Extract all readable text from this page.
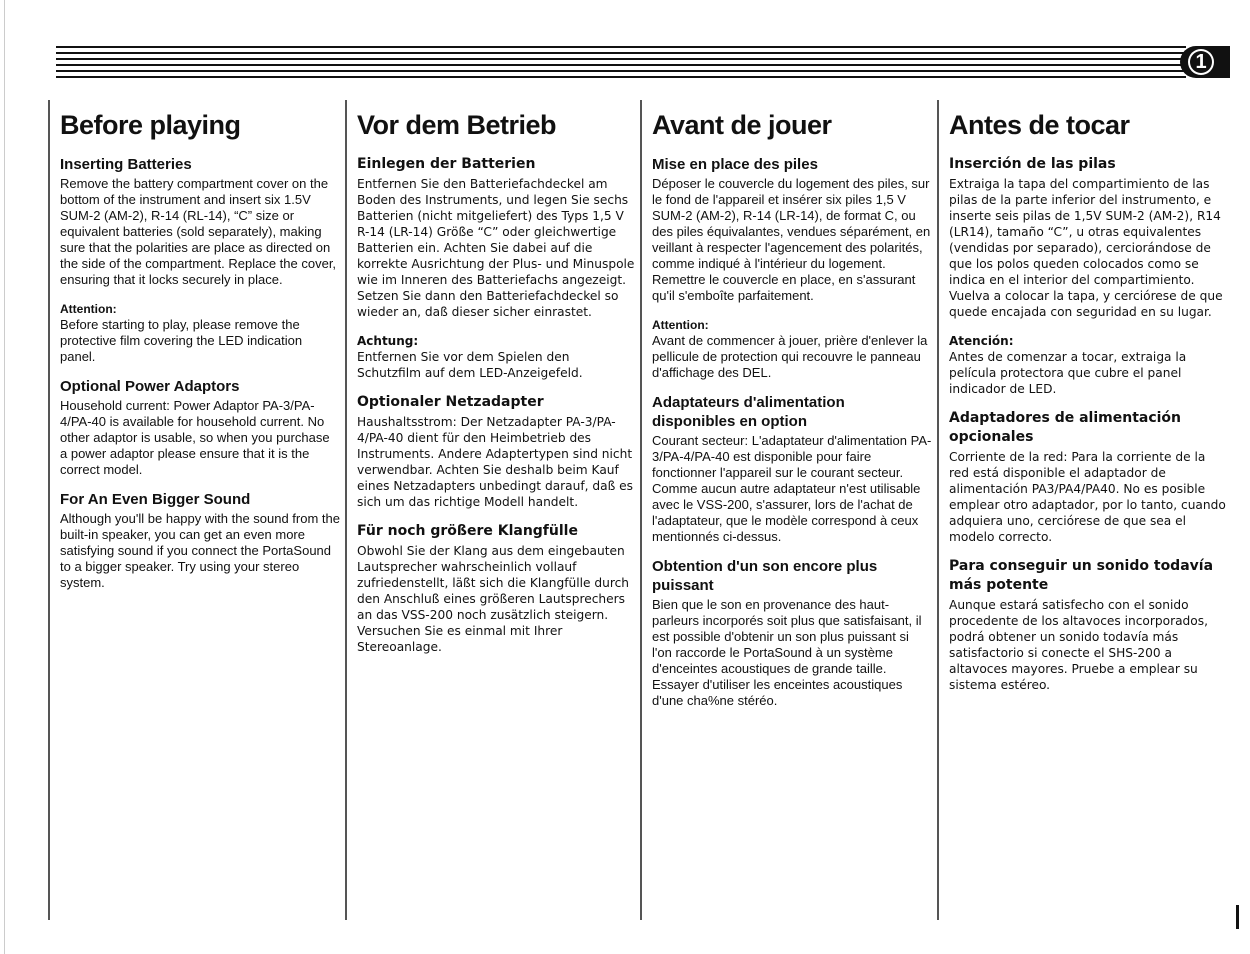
1
Before playing
Inserting Batteries

Remove the battery compartment cover on the bottom of the instrument and insert six 1.5V SUM-2 (AM-2), R-14 (RL-14), “C” size or equivalent batteries (sold separately), making sure that the polarities are place as directed on the side of the compartment. Replace the cover, ensuring that it locks securely in place.

Attention:

Before starting to play, please remove the protective film covering the LED indication panel.

Optional Power Adaptors

Household current: Power Adaptor PA-3/PA-4/PA-40 is available for household current. No other adaptor is usable, so when you purchase a power adaptor please ensure that it is the correct model.

For An Even Bigger Sound

Although you'll be happy with the sound from the built-in speaker, you can get an even more satisfying sound if you connect the PortaSound to a bigger speaker. Try using your stereo system.

Vor dem Betrieb
Einlegen der Batterien

Entfernen Sie den Batteriefachdeckel am Boden des Instruments, und legen Sie sechs Batterien (nicht mitgeliefert) des Typs 1,5 V R-14 (LR-14) Größe “C” oder gleichwertige Batterien ein. Achten Sie dabei auf die korrekte Ausrichtung der Plus- und Minuspole wie im Inneren des Batteriefachs angezeigt. Setzen Sie dann den Batteriefachdeckel so wieder an, daß dieser sicher einrastet.

Achtung:

Entfernen Sie vor dem Spielen den Schutzfilm auf dem LED-Anzeigefeld.

Optionaler Netzadapter

Haushaltsstrom: Der Netzadapter PA-3/PA-4/PA-40 dient für den Heimbetrieb des Instruments. Andere Adaptertypen sind nicht verwendbar. Achten Sie deshalb beim Kauf eines Netzadapters unbedingt darauf, daß es sich um das richtige Modell handelt.

Für noch größere Klangfülle

Obwohl Sie der Klang aus dem eingebauten Lautsprecher wahrscheinlich vollauf zufriedenstellt, läßt sich die Klangfülle durch den Anschluß eines größeren Lautsprechers an das VSS-200 noch zusätzlich steigern. Versuchen Sie es einmal mit Ihrer Stereoanlage.

Avant de jouer
Mise en place des piles

Déposer le couvercle du logement des piles, sur le fond de l'appareil et insérer six piles 1,5 V SUM-2 (AM-2), R-14 (LR-14), de format C, ou des piles équivalantes, vendues séparément, en veillant à respecter l'agencement des polarités, comme indiqué à l'intérieur du logement. Remettre le couvercle en place, en s'assurant qu'il s'emboîte parfaitement.

Attention:

Avant de commencer à jouer, prière d'enlever la pellicule de protection qui recouvre le panneau d'affichage des DEL.

Adaptateurs d'alimentation disponibles en option

Courant secteur: L'adaptateur d'alimentation PA-3/PA-4/PA-40 est disponible pour faire fonctionner l'appareil sur le courant secteur. Comme aucun autre adaptateur n'est utilisable avec le VSS-200, s'assurer, lors de l'achat de l'adaptateur, que le modèle correspond à ceux mentionnés ci-dessus.

Obtention d'un son encore plus puissant

Bien que le son en provenance des haut-parleurs incorporés soit plus que satisfaisant, il est possible d'obtenir un son plus puissant si l'on raccorde le PortaSound à un système d'enceintes acoustiques de grande taille. Essayer d'utiliser les enceintes acoustiques d'une cha%ne stéréo.

Antes de tocar
Inserción de las pilas

Extraiga la tapa del compartimiento de las pilas de la parte inferior del instrumento, e inserte seis pilas de 1,5V SUM-2 (AM-2), R14 (LR14), tamaño “C”, u otras equivalentes (vendidas por separado), cerciorándose de que los polos queden colocados como se indica en el interior del compartimiento. Vuelva a colocar la tapa, y cerciórese de que quede encajada con seguridad en su lugar.

Atención:

Antes de comenzar a tocar, extraiga la película protectora que cubre el panel indicador de LED.

Adaptadores de alimentación opcionales

Corriente de la red: Para la corriente de la red está disponible el adaptador de alimentación PA3/PA4/PA40. No es posible emplear otro adaptador, por lo tanto, cuando adquiera uno, cerciórese de que sea el modelo correcto.

Para conseguir un sonido todavía más potente

Aunque estará satisfecho con el sonido procedente de los altavoces incorporados, podrá obtener un sonido todavía más satisfactorio si conecte el SHS-200 a altavoces mayores. Pruebe a emplear su sistema estéreo.
